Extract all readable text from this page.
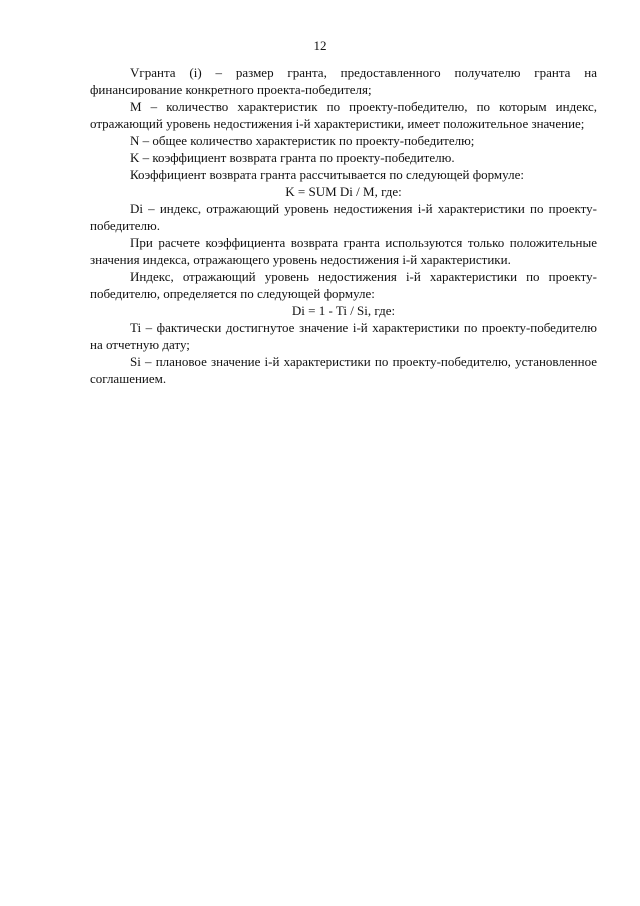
12

Vгранта (i) – размер гранта, предоставленного получателю гранта на финансирование конкретного проекта-победителя;

M – количество характеристик по проекту-победителю, по которым индекс, отражающий уровень недостижения i-й характеристики, имеет положительное значение;

N – общее количество характеристик по проекту-победителю;

K – коэффициент возврата гранта по проекту-победителю.

Коэффициент возврата гранта рассчитывается по следующей формуле:

K = SUM Di / M, где:

Di – индекс, отражающий уровень недостижения i-й характеристики по проекту-победителю.

При расчете коэффициента возврата гранта используются только положительные значения индекса, отражающего уровень недостижения i-й характеристики.

Индекс, отражающий уровень недостижения i-й характеристики по проекту-победителю, определяется по следующей формуле:

Di = 1 - Ti / Si, где:

Ti – фактически достигнутое значение i-й характеристики по проекту-победителю на отчетную дату;

Si – плановое значение i-й характеристики по проекту-победителю, установленное соглашением.
